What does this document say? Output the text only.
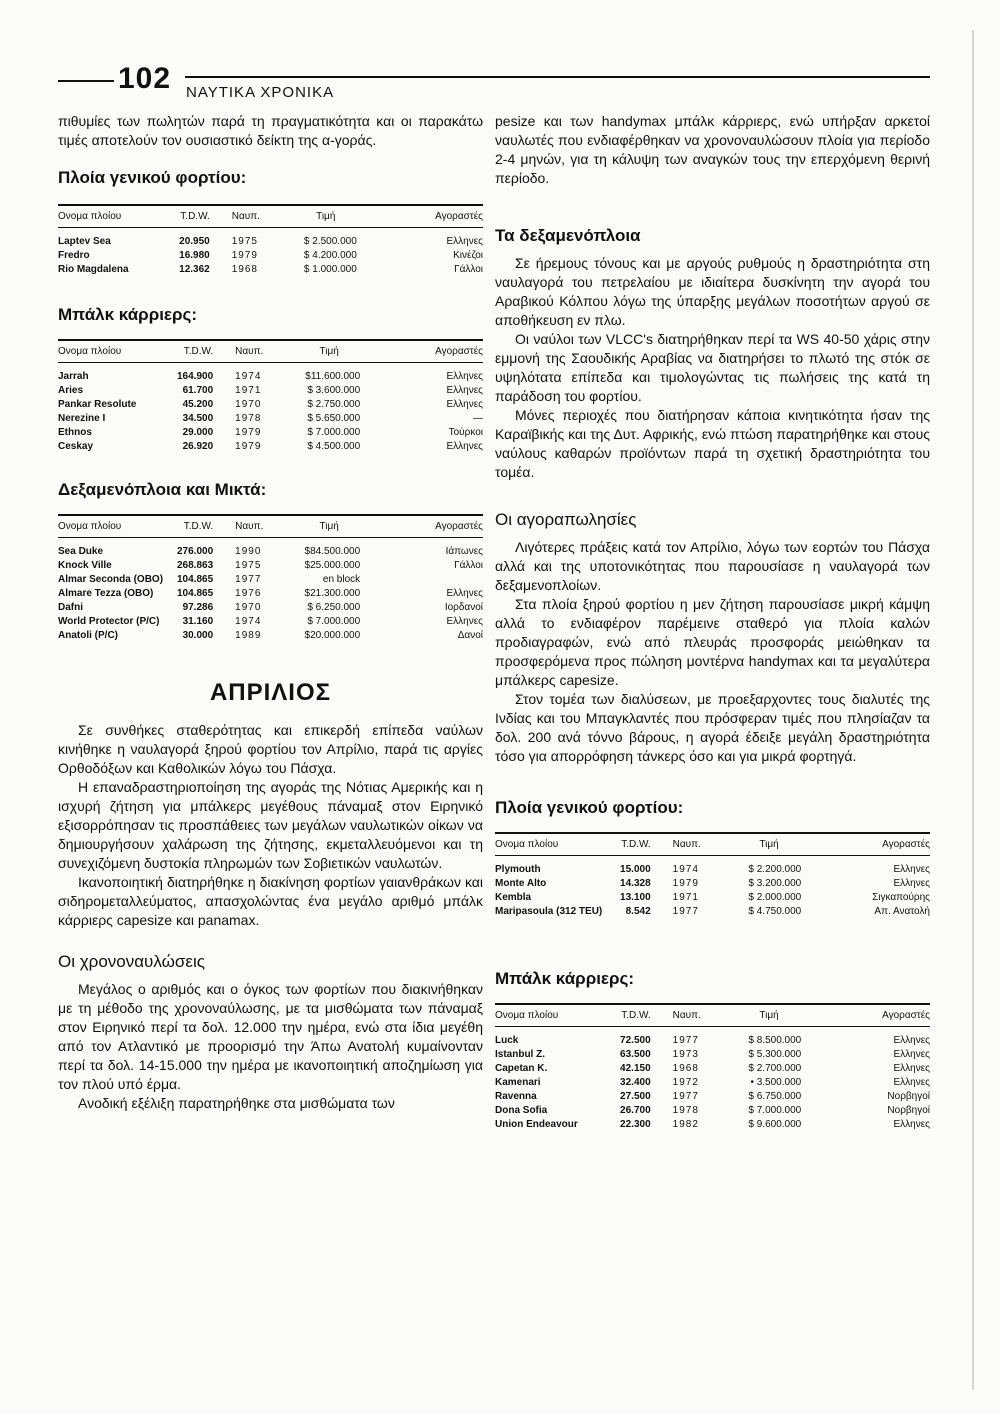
102 ΝΑΥΤΙΚΑ ΧΡΟΝΙΚΑ

πιθυμίες των πωλητών παρά τη πραγματικότητα και οι παρακάτω τιμές αποτελούν τον ουσιαστικό δείκτη της α-γοράς.

Πλοία γενικού φορτίου:

Ονομα πλοίου	T.D.W.	Ναυπ.	Τιμή	Αγοραστές
Laptev Sea	20.950	1975	$ 2.500.000	Ελληνες
Fredro	16.980	1979	$ 4.200.000	Κινέζοι
Rio Magdalena	12.362	1968	$ 1.000.000	Γάλλοι

Μπάλκ κάρριερς:

Ονομα πλοίου	T.D.W.	Ναυπ.	Τιμή	Αγοραστές
Jarrah	164.900	1974	$11.600.000	Ελληνες
Aries	61.700	1971	$ 3.600.000	Ελληνες
Pankar Resolute	45.200	1970	$ 2.750.000	Ελληνες
Nerezine I	34.500	1978	$ 5.650.000	—
Ethnos	29.000	1979	$ 7.000.000	Τούρκοι
Ceskay	26.920	1979	$ 4.500.000	Ελληνες

Δεξαμενόπλοια και Μικτά:

Ονομα πλοίου	T.D.W.	Ναυπ.	Τιμή	Αγοραστές
Sea Duke	276.000	1990	$84.500.000	Ιάπωνες
Knock Ville	268.863	1975	$25.000.000	Γάλλοι
Almar Seconda (OBO)	104.865	1977	en block	
Almare Tezza (OBO)	104.865	1976	$21.300.000	Ελληνες
Dafni	97.286	1970	$ 6.250.000	Ιορδανοί
World Protector (P/C)	31.160	1974	$ 7.000.000	Ελληνες
Anatoli (P/C)	30.000	1989	$20.000.000	Δανοί

ΑΠΡΙΛΙΟΣ

Σε συνθήκες σταθερότητας και επικερδή επίπεδα ναύλων κινήθηκε η ναυλαγορά ξηρού φορτίου τον Απρίλιο, παρά τις αργίες Ορθοδόξων και Καθολικών λόγω του Πάσχα.

Η επαναδραστηριοποίηση της αγοράς της Νότιας Αμερικής και η ισχυρή ζήτηση για μπάλκερς μεγέθους πάναμαξ στον Ειρηνικό εξισορρόπησαν τις προσπάθειες των μεγάλων ναυλωτικών οίκων να δημιουργήσουν χαλάρωση της ζήτησης, εκμεταλλευόμενοι και τη συνεχιζόμενη δυστοκία πληρωμών των Σοβιετικών ναυλωτών.

Ικανοποιητική διατηρήθηκε η διακίνηση φορτίων γαιανθράκων και σιδηρομεταλλεύματος, απασχολώντας ένα μεγάλο αριθμό μπάλκ κάρριερς capesize και panamax.

Οι χρονοναυλώσεις

Μεγάλος ο αριθμός και ο όγκος των φορτίων που διακινήθηκαν με τη μέθοδο της χρονοναύλωσης, με τα μισθώματα των πάναμαξ στον Ειρηνικό περί τα δολ. 12.000 την ημέρα, ενώ στα ίδια μεγέθη από τον Ατλαντικό με προορισμό την Άπω Ανατολή κυμαίνονταν περί τα δολ. 14-15.000 την ημέρα με ικανοποιητική αποζημίωση για τον πλού υπό έρμα.

Ανοδική εξέλιξη παρατηρήθηκε στα μισθώματα των

pesize και των handymax μπάλκ κάρριερς, ενώ υπήρξαν αρκετοί ναυλωτές που ενδιαφέρθηκαν να χρονοναυλώσουν πλοία για περίοδο 2-4 μηνών, για τη κάλυψη των αναγκών τους την επερχόμενη θερινή περίοδο.

Τα δεξαμενόπλοια

Σε ήρεμους τόνους και με αργούς ρυθμούς η δραστηριότητα στη ναυλαγορά του πετρελαίου με ιδιαίτερα δυσκίνητη την αγορά του Αραβικού Κόλπου λόγω της ύπαρξης μεγάλων ποσοτήτων αργού σε αποθήκευση εν πλω.

Οι ναύλοι των VLCC's διατηρήθηκαν περί τα WS 40-50 χάρις στην εμμονή της Σαουδικής Αραβίας να διατηρήσει το πλωτό της στόκ σε υψηλότατα επίπεδα και τιμολογώντας τις πωλήσεις της κατά τη παράδοση του φορτίου.

Μόνες περιοχές που διατήρησαν κάποια κινητικότητα ήσαν της Καραϊβικής και της Δυτ. Αφρικής, ενώ πτώση παρατηρήθηκε και στους ναύλους καθαρών προϊόντων παρά τη σχετική δραστηριότητα του τομέα.

Οι αγοραπωλησίες

Λιγότερες πράξεις κατά τον Απρίλιο, λόγω των εορτών του Πάσχα αλλά και της υποτονικότητας που παρουσίασε η ναυλαγορά των δεξαμενοπλοίων.

Στα πλοία ξηρού φορτίου η μεν ζήτηση παρουσίασε μικρή κάμψη αλλά το ενδιαφέρον παρέμεινε σταθερό για πλοία καλών προδιαγραφών, ενώ από πλευράς προσφοράς μειώθηκαν τα προσφερόμενα προς πώληση μοντέρνα handymax και τα μεγαλύτερα μπάλκερς capesize.

Στον τομέα των διαλύσεων, με προεξαρχοντες τους διαλυτές της Ινδίας και του Μπαγκλαντές που πρόσφεραν τιμές που πλησίαζαν τα δολ. 200 ανά τόννο βάρους, η αγορά έδειξε μεγάλη δραστηριότητα τόσο για απορρόφηση τάνκερς όσο και για μικρά φορτηγά.

Πλοία γενικού φορτίου:

Ονομα πλοίου	T.D.W.	Ναυπ.	Τιμή	Αγοραστές
Plymouth	15.000	1974	$ 2.200.000	Ελληνες
Monte Alto	14.328	1979	$ 3.200.000	Ελληνες
Kembla	13.100	1971	$ 2.000.000	Σιγκαπούρης
Maripasoula (312 TEU)	8.542	1977	$ 4.750.000	Απ. Ανατολή

Μπάλκ κάρριερς:

Ονομα πλοίου	T.D.W.	Ναυπ.	Τιμή	Αγοραστές
Luck	72.500	1977	$ 8.500.000	Ελληνες
Istanbul Z.	63.500	1973	$ 5.300.000	Ελληνες
Capetan K.	42.150	1968	$ 2.700.000	Ελληνες
Kamenari	32.400	1972	• 3.500.000	Ελληνες
Ravenna	27.500	1977	$ 6.750.000	Νορβηγοί
Dona Sofia	26.700	1978	$ 7.000.000	Νορβηγοί
Union Endeavour	22.300	1982	$ 9.600.000	Ελληνες
